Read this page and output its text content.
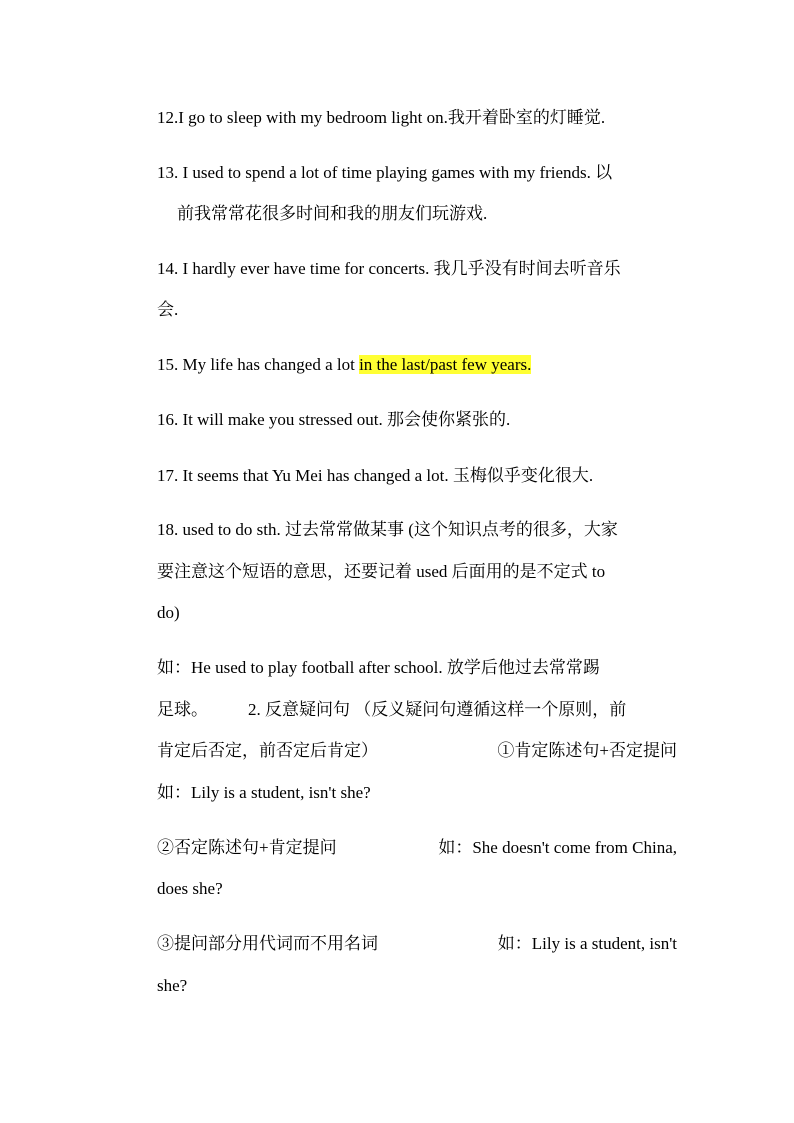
12.I go to sleep with my bedroom light on.我开着卧室的灯睡觉.
13. I used to spend a lot of time playing games with my friends. 以
前我常常花很多时间和我的朋友们玩游戏.
14. I hardly ever have time for concerts. 我几乎没有时间去听音乐
会.
15. My life has changed a lot in the last/past few years.
16. It will make you stressed out. 那会使你紧张的.
17. It seems that Yu Mei has changed a lot. 玉梅似乎变化很大.
18. used to do sth. 过去常常做某事 (这个知识点考的很多，大家
要注意这个短语的意思，还要记着 used 后面用的是不定式 to
do)
如：He used to play football after school. 放学后他过去常常踢
足球。 2. 反意疑问句 （反义疑问句遵循这样一个原则，前
肯定后否定，前否定后肯定）	①肯定陈述句+否定提问
如：Lily is a student, isn't she?
②否定陈述句+肯定提问	如：She doesn't come from China,
does she?
③提问部分用代词而不用名词	如：Lily is a student, isn't
she?
